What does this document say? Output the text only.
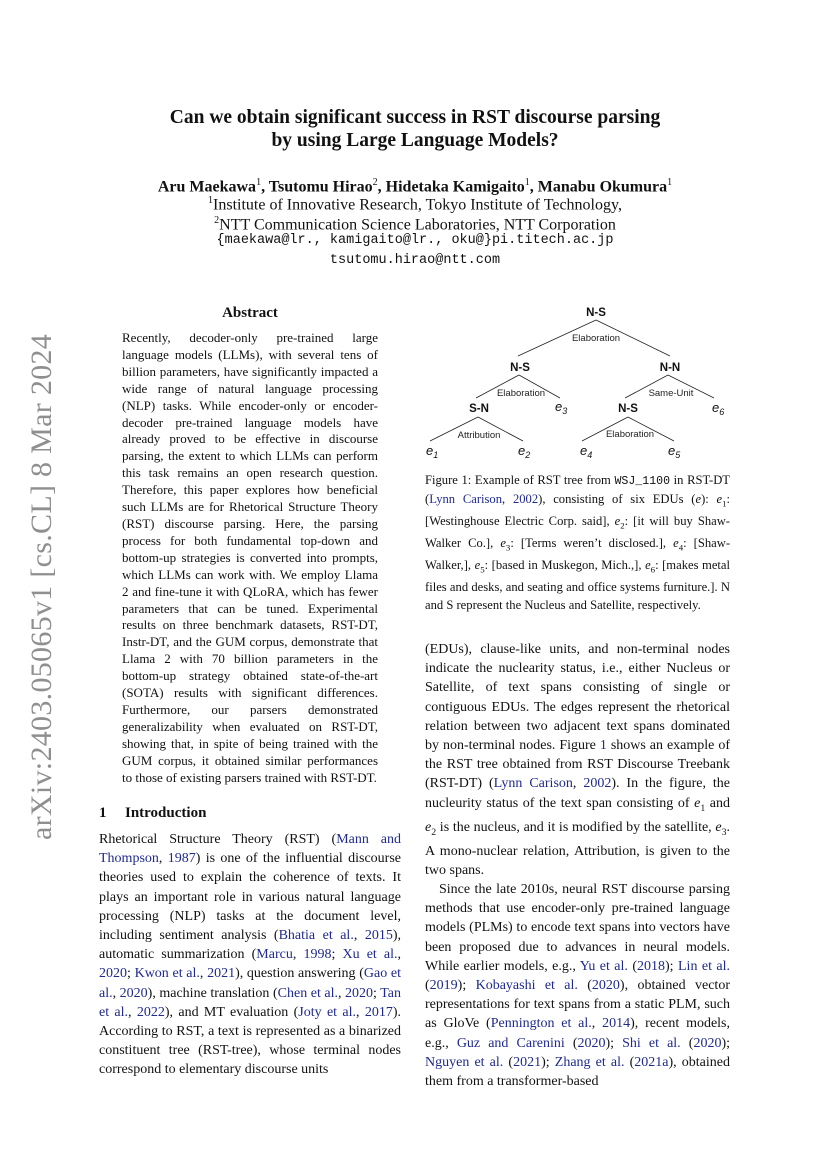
arXiv:2403.05065v1 [cs.CL] 8 Mar 2024
Can we obtain significant success in RST discourse parsing
by using Large Language Models?
Aru Maekawa$^1$, Tsutomu Hirao$^2$, Hidetaka Kamigaito$^1$, Manabu Okumura$^1$
$^1$Institute of Innovative Research, Tokyo Institute of Technology,
$^2$NTT Communication Science Laboratories, NTT Corporation
{maekawa@lr., kamigaito@lr., oku@}pi.titech.ac.jp
tsutomu.hirao@ntt.com
Abstract
Recently, decoder-only pre-trained large language models (LLMs), with several tens of billion parameters, have significantly impacted a wide range of natural language processing (NLP) tasks. While encoder-only or encoder-decoder pre-trained language models have already proved to be effective in discourse parsing, the extent to which LLMs can perform this task remains an open research question. Therefore, this paper explores how beneficial such LLMs are for Rhetorical Structure Theory (RST) discourse parsing. Here, the parsing process for both fundamental top-down and bottom-up strategies is converted into prompts, which LLMs can work with. We employ Llama 2 and fine-tune it with QLoRA, which has fewer parameters that can be tuned. Experimental results on three benchmark datasets, RST-DT, Instr-DT, and the GUM corpus, demonstrate that Llama 2 with 70 billion parameters in the bottom-up strategy obtained state-of-the-art (SOTA) results with significant differences. Furthermore, our parsers demonstrated generalizability when evaluated on RST-DT, showing that, in spite of being trained with the GUM corpus, it obtained similar performances to those of existing parsers trained with RST-DT.
1 Introduction
Rhetorical Structure Theory (RST) (Mann and Thompson, 1987) is one of the influential discourse theories used to explain the coherence of texts. It plays an important role in various natural language processing (NLP) tasks at the document level, including sentiment analysis (Bhatia et al., 2015), automatic summarization (Marcu, 1998; Xu et al., 2020; Kwon et al., 2021), question answering (Gao et al., 2020), machine translation (Chen et al., 2020; Tan et al., 2022), and MT evaluation (Joty et al., 2017). According to RST, a text is represented as a binarized constituent tree (RST-tree), whose terminal nodes correspond to elementary discourse units
N-S
N-S	N-N
S-N	N-S
Elaboration
Elaboration	Same-Unit
Attribution	Elaboration
$e_1$	$e_2$
$e_3$
$e_4$	$e_5$
$e_6$
Figure 1: Example of RST tree from WSJ_1100 in RST-DT (Lynn Carison, 2002), consisting of six EDUs (e): $e_1$: [Westinghouse Electric Corp. said], $e_2$: [it will buy Shaw-Walker Co.], $e_3$: [Terms weren’t disclosed.], $e_4$: [Shaw-Walker,], $e_5$: [based in Muskegon, Mich.,], $e_6$: [makes metal files and desks, and seating and office systems furniture.]. N and S represent the Nucleus and Satellite, respectively.

(EDUs), clause-like units, and non-terminal nodes indicate the nuclearity status, i.e., either Nucleus or Satellite, of text spans consisting of single or contiguous EDUs. The edges represent the rhetorical relation between two adjacent text spans dominated by non-terminal nodes. Figure 1 shows an example of the RST tree obtained from RST Discourse Treebank (RST-DT) (Lynn Carison, 2002). In the figure, the nucleurity status of the text span consisting of $e_1$ and $e_2$ is the nucleus, and it is modified by the satellite, $e_3$. A mono-nuclear relation, Attribution, is given to the two spans.

Since the late 2010s, neural RST discourse parsing methods that use encoder-only pre-trained language models (PLMs) to encode text spans into vectors have been proposed due to advances in neural models. While earlier models, e.g., Yu et al. (2018); Lin et al. (2019); Kobayashi et al. (2020), obtained vector representations for text spans from a static PLM, such as GloVe (Pennington et al., 2014), recent models, e.g., Guz and Carenini (2020); Shi et al. (2020); Nguyen et al. (2021); Zhang et al. (2021a), obtained them from a transformer-based
